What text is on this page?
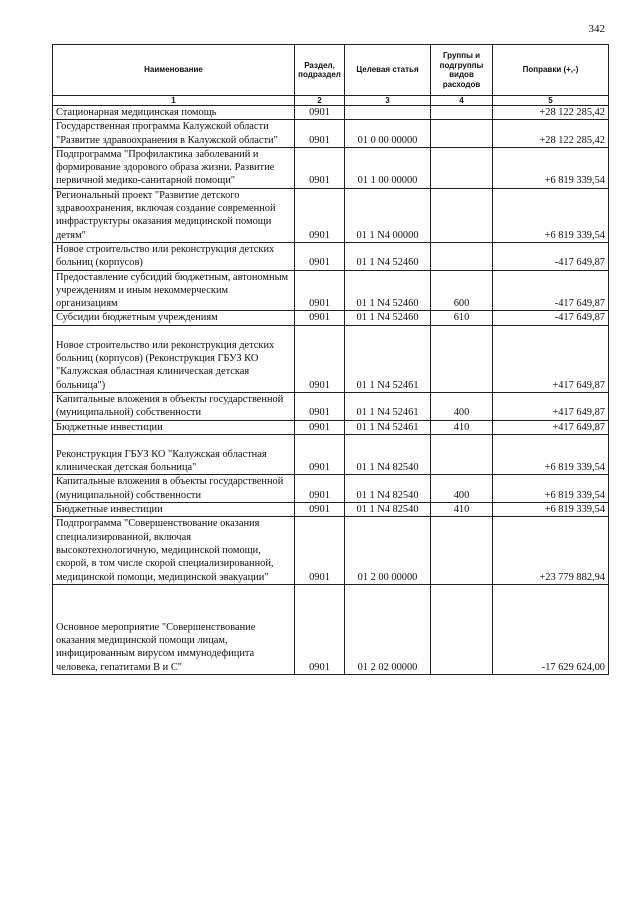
342
Наименование	Раздел, подраздел	Целевая статья	Группы и подгруппы видов расходов	Поправки (+,-)
1	2	3	4	5
Стационарная медицинская помощь	0901			+28 122 285,42
Государственная программа Калужской области "Развитие здравоохранения в Калужской области"	0901	01 0 00 00000		+28 122 285,42
Подпрограмма "Профилактика заболеваний и формирование здорового образа жизни. Развитие первичной медико-санитарной помощи"	0901	01 1 00 00000		+6 819 339,54
Региональный проект "Развитие детского здравоохранения, включая создание современной инфраструктуры оказания медицинской помощи детям"	0901	01 1 N4 00000		+6 819 339,54
Новое строительство или реконструкция детских больниц (корпусов)	0901	01 1 N4 52460		-417 649,87
Предоставление субсидий бюджетным, автономным учреждениям и иным некоммерческим организациям	0901	01 1 N4 52460	600	-417 649,87
Субсидии бюджетным учреждениям	0901	01 1 N4 52460	610	-417 649,87
Новое строительство или реконструкция детских больниц (корпусов) (Реконструкция ГБУЗ КО "Калужская областная клиническая детская больница")	0901	01 1 N4 52461		+417 649,87
Капитальные вложения в объекты государственной (муниципальной) собственности	0901	01 1 N4 52461	400	+417 649,87
Бюджетные инвестиции	0901	01 1 N4 52461	410	+417 649,87
Реконструкция ГБУЗ КО "Калужская областная клиническая детская больница"	0901	01 1 N4 82540		+6 819 339,54
Капитальные вложения в объекты государственной (муниципальной) собственности	0901	01 1 N4 82540	400	+6 819 339,54
Бюджетные инвестиции	0901	01 1 N4 82540	410	+6 819 339,54
Подпрограмма "Совершенствование оказания специализированной, включая высокотехнологичную, медицинской помощи, скорой, в том числе скорой специализированной, медицинской помощи, медицинской эвакуации"	0901	01 2 00 00000		+23 779 882,94
Основное мероприятие "Совершенствование оказания медицинской помощи лицам, инфицированным вирусом иммунодефицита человека, гепатитами В и С"	0901	01 2 02 00000		-17 629 624,00
